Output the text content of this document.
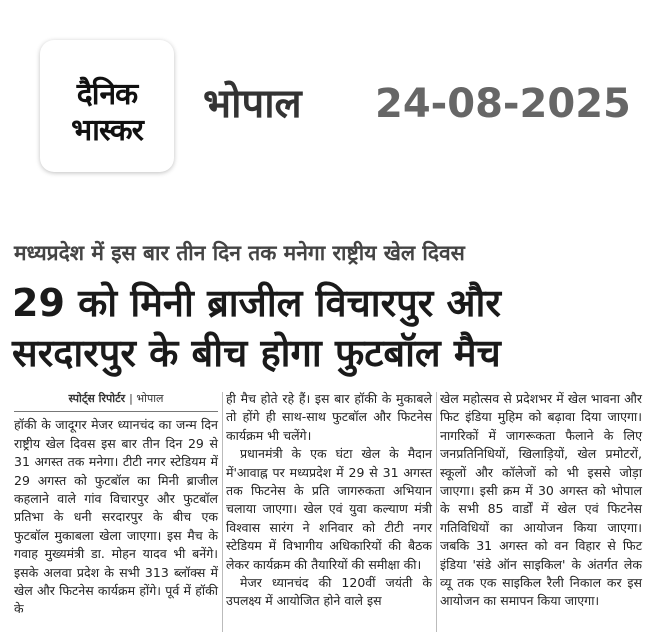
दैनिक
भास्कर
भोपाल 24-08-2025
मध्यप्रदेश में इस बार तीन दिन तक मनेगा राष्ट्रीय खेल दिवस
29 को मिनी ब्राजील विचारपुर और
सरदारपुर के बीच होगा फुटबॉल मैच
स्पोर्ट्स रिपोर्टर | भोपाल

हॉकी के जादूगर मेजर ध्यानचंद का जन्म दिन राष्ट्रीय खेल दिवस इस बार तीन दिन 29 से 31 अगस्त तक मनेगा। टीटी नगर स्टेडियम में 29 अगस्त को फुटबॉल का मिनी ब्राजील कहलाने वाले गांव विचारपुर और फुटबॉल प्रतिभा के धनी सरदारपुर के बीच एक फुटबॉल मुकाबला खेला जाएगा। इस मैच के गवाह मुख्यमंत्री डा. मोहन यादव भी बनेंगे। इसके अलवा प्रदेश के सभी 313 ब्लॉक्स में खेल और फिटनेस कार्यक्रम होंगे। पूर्व में हॉकी के

ही मैच होते रहे हैं। इस बार हॉकी के मुकाबले तो होंगे ही साथ-साथ फुटबॉल और फिटनेस कार्यक्रम भी चलेंगे।

प्रधानमंत्री के एक घंटा खेल के मैदान में'आवाह्न पर मध्यप्रदेश में 29 से 31 अगस्त तक फिटनेस के प्रति जागरुकता अभियान चलाया जाएगा। खेल एवं युवा कल्याण मंत्री विश्वास सारंग ने शनिवार को टीटी नगर स्टेडियम में विभागीय अधिकारियों की बैठक लेकर कार्यक्रम की तैयारियों की समीक्षा की।

मेजर ध्यानचंद की 120वीं जयंती के उपलक्ष्य में आयोजित होने वाले इस

खेल महोत्सव से प्रदेशभर में खेल भावना और फिट इंडिया मुहिम को बढ़ावा दिया जाएगा। नागरिकों में जागरूकता फैलाने के लिए जनप्रतिनिधियों, खिलाड़ियों, खेल प्रमोटरों, स्कूलों और कॉलेजों को भी इससे जोड़ा जाएगा। इसी क्रम में 30 अगस्त को भोपाल के सभी 85 वार्डों में खेल एवं फिटनेस गतिविधियों का आयोजन किया जाएगा। जबकि 31 अगस्त को वन विहार से फिट इंडिया 'संडे ऑन साइकिल' के अंतर्गत लेक व्यू तक एक साइकिल रैली निकाल कर इस आयोजन का समापन किया जाएगा।
